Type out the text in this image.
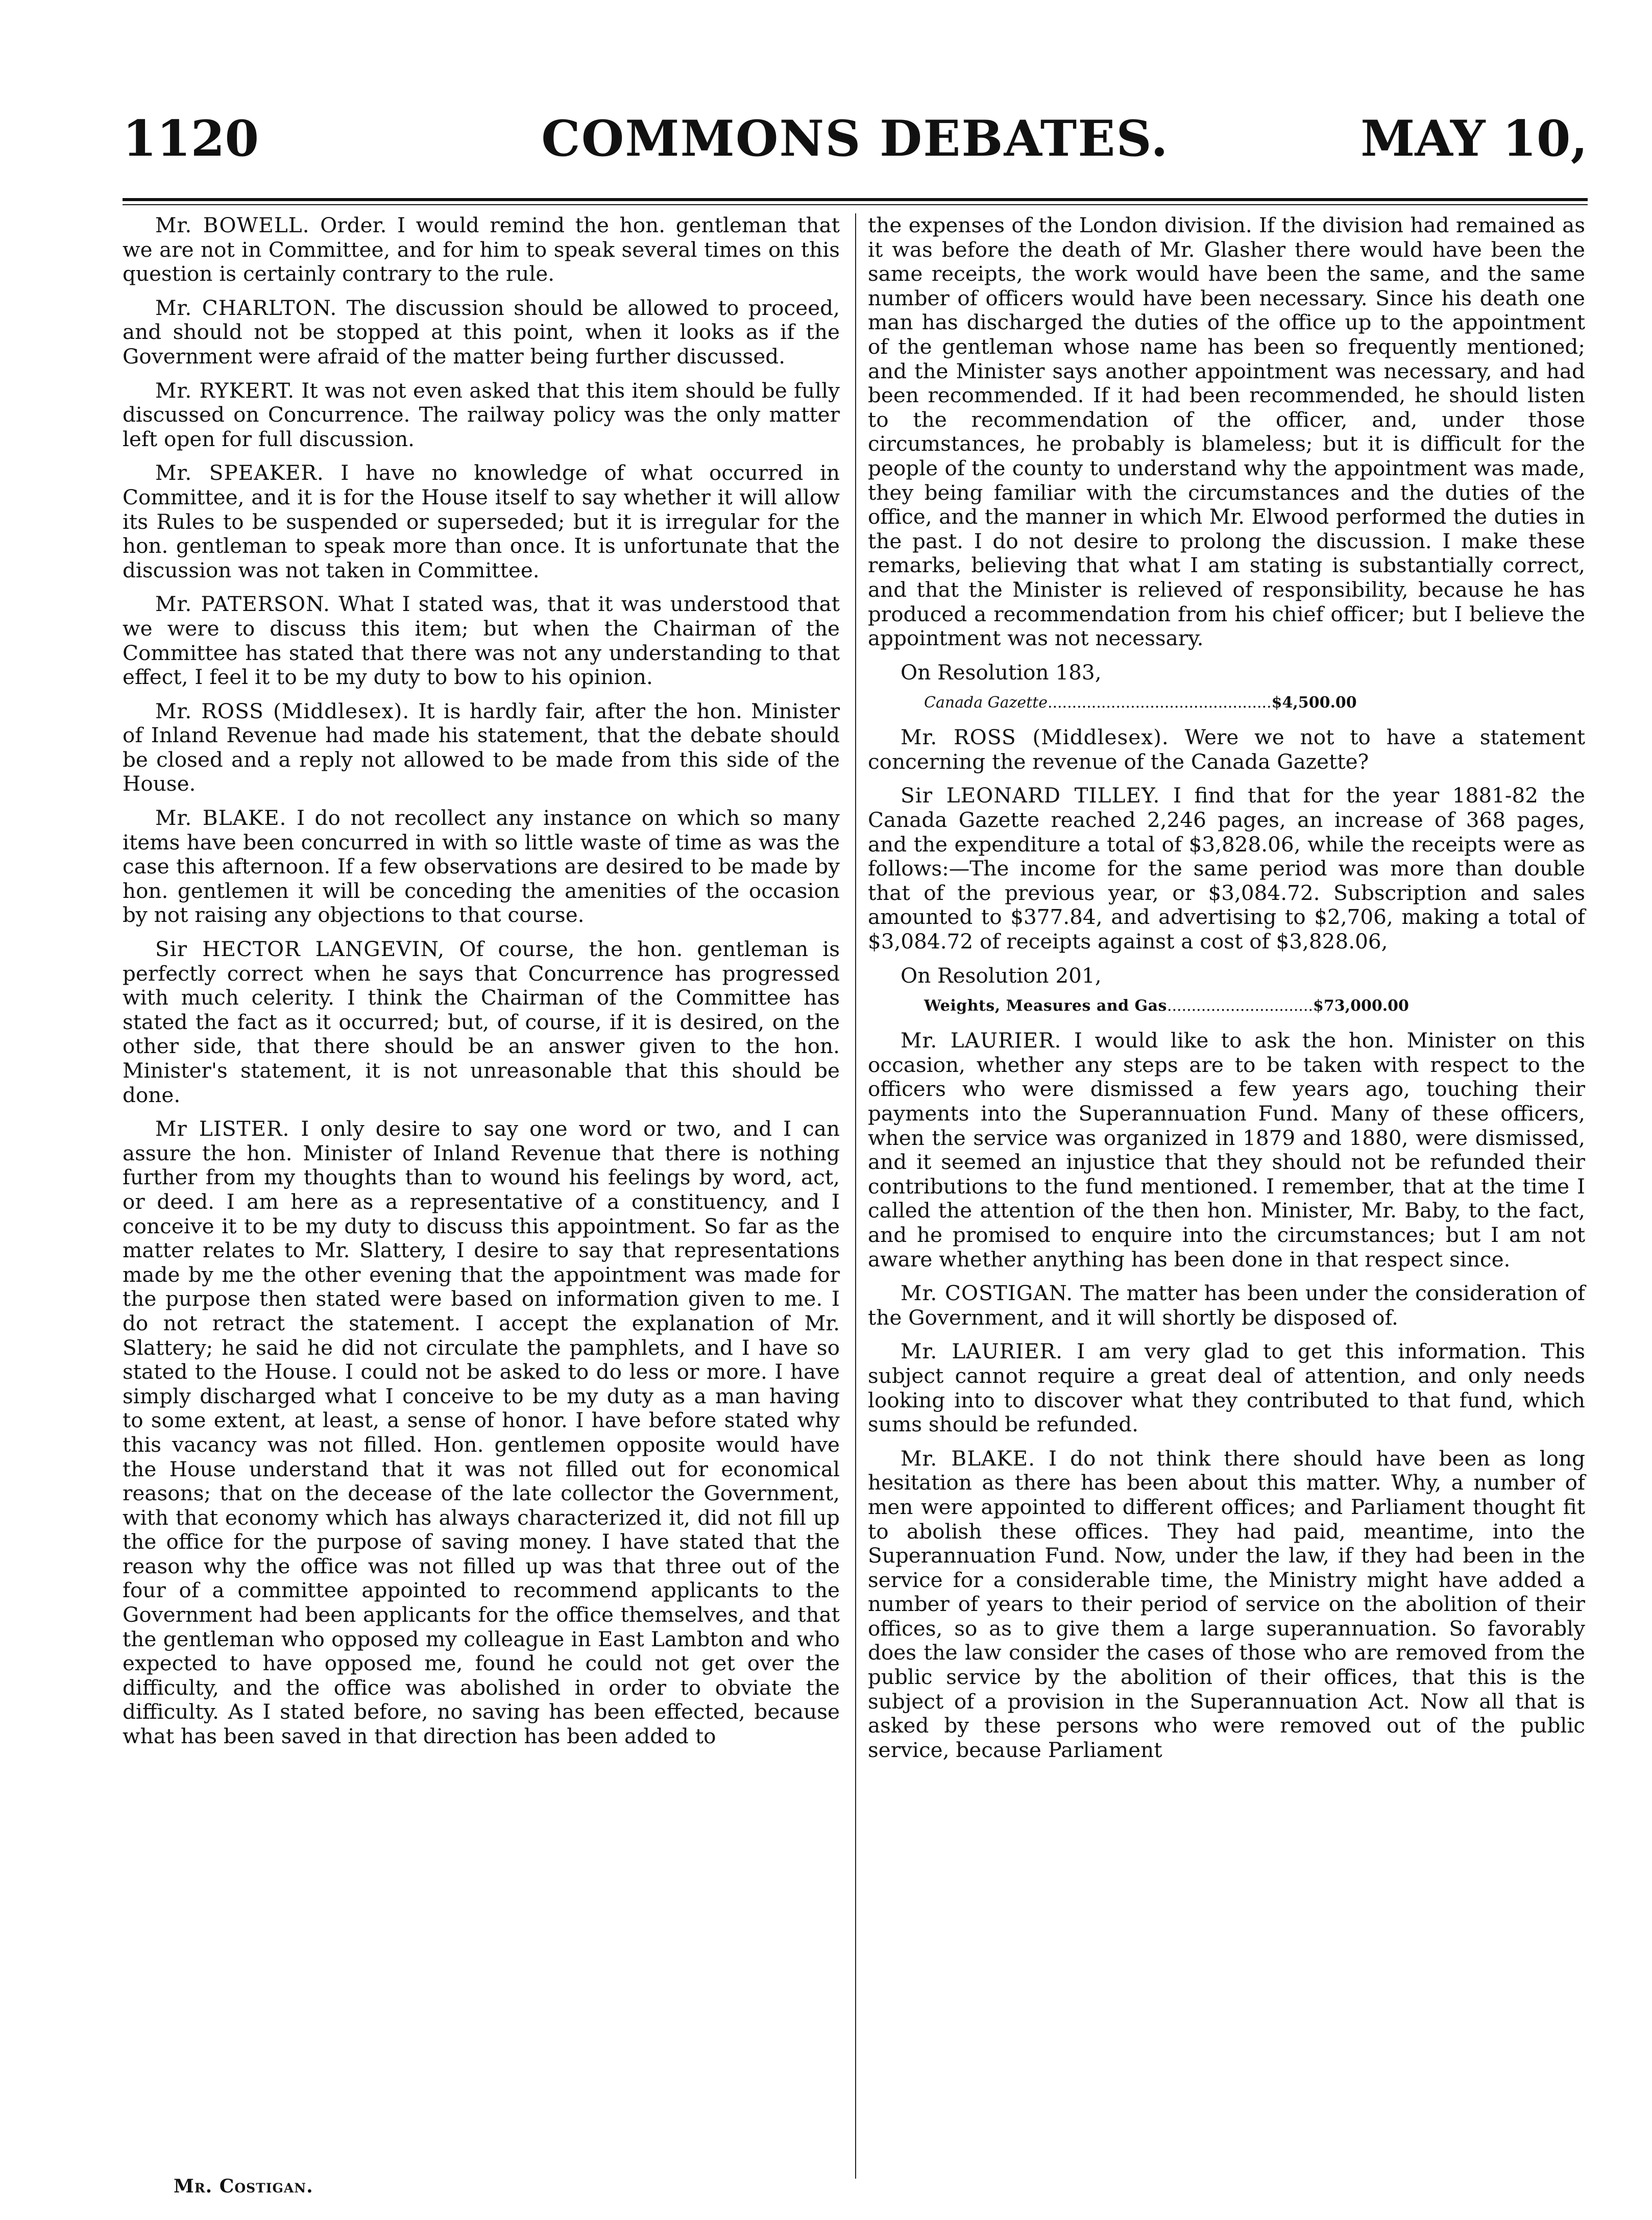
1120	COMMONS DEBATES.	MAY 10,

Mr. BOWELL. Order. I would remind the hon. gentleman that we are not in Committee, and for him to speak several times on this question is certainly contrary to the rule.

Mr. CHARLTON. The discussion should be allowed to proceed, and should not be stopped at this point, when it looks as if the Government were afraid of the matter being further discussed.

Mr. RYKERT. It was not even asked that this item should be fully discussed on Concurrence. The railway policy was the only matter left open for full discussion.

Mr. SPEAKER. I have no knowledge of what occurred in Committee, and it is for the House itself to say whether it will allow its Rules to be suspended or superseded; but it is irregular for the hon. gentleman to speak more than once. It is unfortunate that the discussion was not taken in Committee.

Mr. PATERSON. What I stated was, that it was understood that we were to discuss this item; but when the Chairman of the Committee has stated that there was not any understanding to that effect, I feel it to be my duty to bow to his opinion.

Mr. ROSS (Middlesex). It is hardly fair, after the hon. Minister of Inland Revenue had made his statement, that the debate should be closed and a reply not allowed to be made from this side of the House.

Mr. BLAKE. I do not recollect any instance on which so many items have been concurred in with so little waste of time as was the case this afternoon. If a few observations are desired to be made by hon. gentlemen it will be conceding the amenities of the occasion by not raising any objections to that course.

Sir HECTOR LANGEVIN, Of course, the hon. gentleman is perfectly correct when he says that Concurrence has progressed with much celerity. I think the Chairman of the Committee has stated the fact as it occurred; but, of course, if it is desired, on the other side, that there should be an answer given to the hon. Minister's statement, it is not unreasonable that this should be done.

Mr LISTER. I only desire to say one word or two, and I can assure the hon. Minister of Inland Revenue that there is nothing further from my thoughts than to wound his feelings by word, act, or deed. I am here as a representative of a constituency, and I conceive it to be my duty to discuss this appointment. So far as the matter relates to Mr. Slattery, I desire to say that representations made by me the other evening that the appointment was made for the purpose then stated were based on information given to me. I do not retract the statement. I accept the explanation of Mr. Slattery; he said he did not circulate the pamphlets, and I have so stated to the House. I could not be asked to do less or more. I have simply discharged what I conceive to be my duty as a man having to some extent, at least, a sense of honor. I have before stated why this vacancy was not filled. Hon. gentlemen opposite would have the House understand that it was not filled out for economical reasons; that on the decease of the late collector the Government, with that economy which has always characterized it, did not fill up the office for the purpose of saving money. I have stated that the reason why the office was not filled up was that three out of the four of a committee appointed to recommend applicants to the Government had been applicants for the office themselves, and that the gentleman who opposed my colleague in East Lambton and who expected to have opposed me, found he could not get over the difficulty, and the office was abolished in order to obviate the difficulty. As I stated before, no saving has been effected, because what has been saved in that direction has been added to

the expenses of the London division. If the division had remained as it was before the death of Mr. Glasher there would have been the same receipts, the work would have been the same, and the same number of officers would have been necessary. Since his death one man has discharged the duties of the office up to the appointment of the gentleman whose name has been so frequently mentioned; and the Minister says another appointment was necessary, and had been recommended. If it had been recommended, he should listen to the recommendation of the officer, and, under those circumstances, he probably is blameless; but it is difficult for the people of the county to understand why the appointment was made, they being familiar with the circumstances and the duties of the office, and the manner in which Mr. Elwood performed the duties in the past. I do not desire to prolong the discussion. I make these remarks, believing that what I am stating is substantially correct, and that the Minister is relieved of responsibility, because he has produced a recommendation from his chief officer; but I believe the appointment was not necessary.

On Resolution 183,

Canada Gazette..............................................$4,500.00

Mr. ROSS (Middlesex). Were we not to have a statement concerning the revenue of the Canada Gazette?

Sir LEONARD TILLEY. I find that for the year 1881-82 the Canada Gazette reached 2,246 pages, an increase of 368 pages, and the expenditure a total of $3,828.06, while the receipts were as follows:—The income for the same period was more than double that of the previous year, or $3,084.72. Subscription and sales amounted to $377.84, and advertising to $2,706, making a total of $3,084.72 of receipts against a cost of $3,828.06,

On Resolution 201,

Weights, Measures and Gas..............................$73,000.00

Mr. LAURIER. I would like to ask the hon. Minister on this occasion, whether any steps are to be taken with respect to the officers who were dismissed a few years ago, touching their payments into the Superannuation Fund. Many of these officers, when the service was organized in 1879 and 1880, were dismissed, and it seemed an injustice that they should not be refunded their contributions to the fund mentioned. I remember, that at the time I called the attention of the then hon. Minister, Mr. Baby, to the fact, and he promised to enquire into the circumstances; but I am not aware whether anything has been done in that respect since.

Mr. COSTIGAN. The matter has been under the consideration of the Government, and it will shortly be disposed of.

Mr. LAURIER. I am very glad to get this information. This subject cannot require a great deal of attention, and only needs looking into to discover what they contributed to that fund, which sums should be refunded.

Mr. BLAKE. I do not think there should have been as long hesitation as there has been about this matter. Why, a number of men were appointed to different offices; and Parliament thought fit to abolish these offices. They had paid, meantime, into the Superannuation Fund. Now, under the law, if they had been in the service for a considerable time, the Ministry might have added a number of years to their period of service on the abolition of their offices, so as to give them a large superannuation. So favorably does the law consider the cases of those who are removed from the public service by the abolition of their offices, that this is the subject of a provision in the Superannuation Act. Now all that is asked by these persons who were removed out of the public service, because Parliament

Mr. Costigan.
